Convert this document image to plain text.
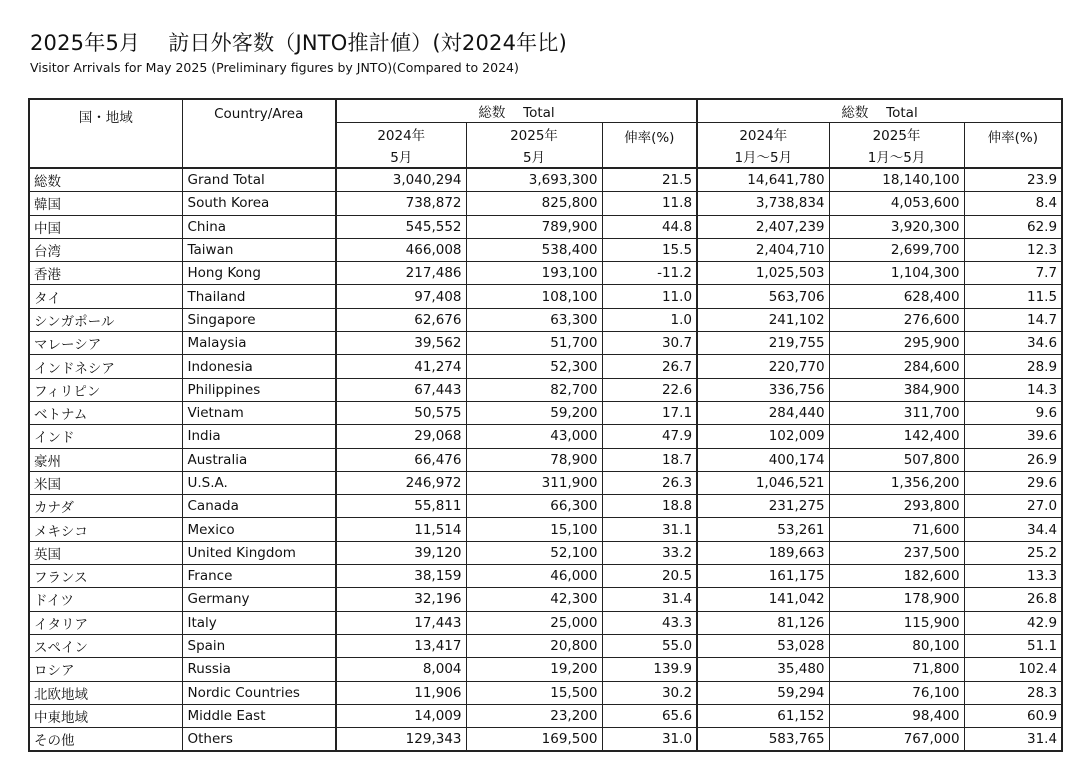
2025年5月　 訪日外客数（JNTO推計値）(対2024年比)
Visitor Arrivals for May 2025 (Preliminary figures by JNTO)(Compared to 2024)
国・地域	Country/Area	総数　 Total			総数　 Total		
		2024年	2025年	伸率(%)	2024年	2025年	伸率(%)
		5月	5月		1月～5月	1月～5月	
総数	Grand Total	3,040,294	3,693,300	21.5	14,641,780	18,140,100	23.9
韓国	South Korea	738,872	825,800	11.8	3,738,834	4,053,600	8.4
中国	China	545,552	789,900	44.8	2,407,239	3,920,300	62.9
台湾	Taiwan	466,008	538,400	15.5	2,404,710	2,699,700	12.3
香港	Hong Kong	217,486	193,100	-11.2	1,025,503	1,104,300	7.7
タイ	Thailand	97,408	108,100	11.0	563,706	628,400	11.5
シンガポール	Singapore	62,676	63,300	1.0	241,102	276,600	14.7
マレーシア	Malaysia	39,562	51,700	30.7	219,755	295,900	34.6
インドネシア	Indonesia	41,274	52,300	26.7	220,770	284,600	28.9
フィリピン	Philippines	67,443	82,700	22.6	336,756	384,900	14.3
ベトナム	Vietnam	50,575	59,200	17.1	284,440	311,700	9.6
インド	India	29,068	43,000	47.9	102,009	142,400	39.6
豪州	Australia	66,476	78,900	18.7	400,174	507,800	26.9
米国	U.S.A.	246,972	311,900	26.3	1,046,521	1,356,200	29.6
カナダ	Canada	55,811	66,300	18.8	231,275	293,800	27.0
メキシコ	Mexico	11,514	15,100	31.1	53,261	71,600	34.4
英国	United Kingdom	39,120	52,100	33.2	189,663	237,500	25.2
フランス	France	38,159	46,000	20.5	161,175	182,600	13.3
ドイツ	Germany	32,196	42,300	31.4	141,042	178,900	26.8
イタリア	Italy	17,443	25,000	43.3	81,126	115,900	42.9
スペイン	Spain	13,417	20,800	55.0	53,028	80,100	51.1
ロシア	Russia	8,004	19,200	139.9	35,480	71,800	102.4
北欧地域	Nordic Countries	11,906	15,500	30.2	59,294	76,100	28.3
中東地域	Middle East	14,009	23,200	65.6	61,152	98,400	60.9
その他	Others	129,343	169,500	31.0	583,765	767,000	31.4
